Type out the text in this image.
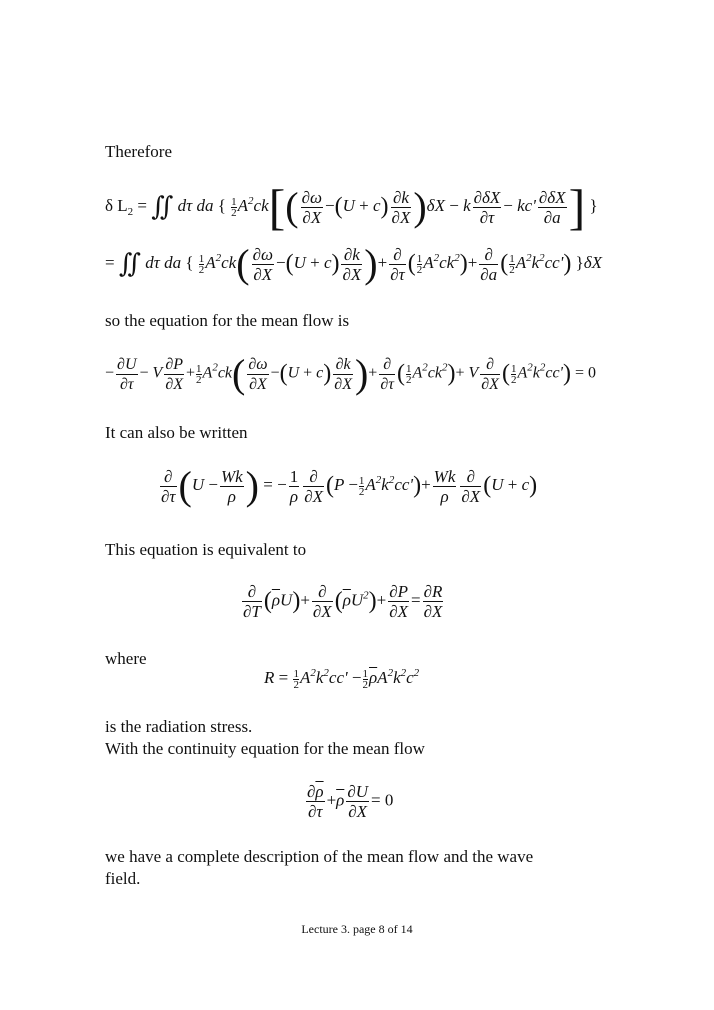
Therefore
δ $L_2$ = ∬ dτ da { $\frac{1}{2} A^2ck[( \frac{\partial\omega}{\partial X} -(U + c) \frac{\partial k}{\partial X} )\delta X - k \frac{\partial\delta X}{\partial\tau} - kc' \frac{\partial\delta X}{\partial a}$ ] }
= ∬ dτ da { $\frac{1}{2} A^2ck( \frac{\partial\omega}{\partial X} -(U + c) \frac{\partial k}{\partial X}$ )+ $\frac{\partial}{\partial\tau}$ ( $\frac{1}{2} A^2ck^2)+ \frac{\partial}{\partial a}$ ( $\frac{1}{2} A^2k^2cc'$) }δX
so the equation for the mean flow is
− $\frac{\partial U}{\partial\tau} - V \frac{\partial P}{\partial X} + \frac{1}{2} A^2ck( \frac{\partial\omega}{\partial X} -(U + c) \frac{\partial k}{\partial X}$ )+ $\frac{\partial}{\partial\tau}$ ( $\frac{1}{2} A^2ck^2)+ V \frac{\partial}{\partial X}$ ( $\frac{1}{2} A^2k^2cc') = 0$
It can also be written
$\frac{\partial}{\partial\tau} (U - \frac{Wk}{\rho}$ ) = − $\frac{1}{\rho} \frac{\partial}{\partial X} (P - \frac{1}{2} A^2k^2cc')+ \frac{Wk}{\rho} \frac{\partial}{\partial X} (U + c)$
This equation is equivalent to
$\frac{\partial}{\partial T} (\overline{\rho}U)+ \frac{\partial}{\partial X} (\overline{\rho}U^2)+ \frac{\partial P}{\partial X} = \frac{\partial R}{\partial X}$
where
$R = \frac{1}{2} A^2k^2cc' - \frac{1}{2} \overline{\rho}A^2k^2c^2$
is the radiation stress.
With the continuity equation for the mean flow
$\frac{\partial\overline{\rho}}{\partial\tau} +\overline{\rho} \frac{\partial U}{\partial X} = 0$
we have a complete description of the mean flow and the wave
field.
Lecture 3. page 8 of 14
